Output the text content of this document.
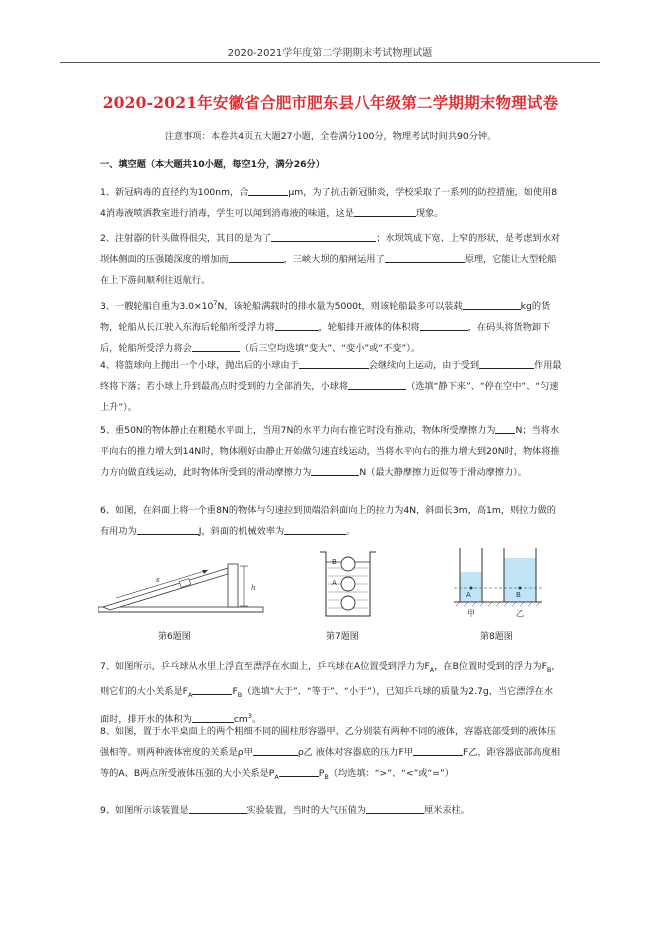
2020-2021学年度第二学期期末考试物理试题
2020-2021年安徽省合肥市肥东县八年级第二学期期末物理试卷
注意事项：本卷共4页五大题27小题，全卷满分100分，物理考试时间共90分钟。
一、填空题（本大题共10小题，每空1分，满分26分）

1、新冠病毒的直径约为100nm，合	μm，为了抗击新冠肺炎，学校采取了一系列的防控措施，如使用84消毒液喷洒教室进行消毒，学生可以闻到消毒液的味道，这是	现象。

2、注射器的针头做得很尖，其目的是为了	；水坝筑成下宽、上窄的形状，是考虑到水对坝体侧面的压强随深度的增加而	，三峡大坝的船闸运用了	原理，它能让大型轮船在上下游间顺利往返航行。

3、一艘轮船自重为$3.0\times 10^7N$，该轮船满载时的排水量为5000t，则该轮船最多可以装载	kg的货物，轮船从长江驶入东海后轮船所受浮力将	，轮船排开液体的体积将	，在码头将货物卸下后，轮船所受浮力将会	（后三空均选填“变大”、“变小”或“不变”）。

4、将篮球向上抛出一个小球，抛出后的小球由于	会继续向上运动，由于受到	作用最终将下落；若小球上升到最高点时受到的力全部消失，小球将	（选填“静下来”、“停在空中”、“匀速上升”）。

5、重50N的物体静止在粗糙水平面上，当用7N的水平力向右推它时没有推动，物体所受摩擦力为 N；当将水平向右的推力增大到14N时，物体刚好由静止开始做匀速直线运动，当将水平向右的推力增大到20N时，物体将推力方向做直线运动，此时物体所受到的滑动摩擦力为	N（最大静摩擦力近似等于滑动摩擦力）。

6、如图，在斜面上将一个重8N的物体与匀速拉到顶端沿斜面向上的拉力为4N，斜面长3m，高1m，则拉力做的有用功为	J，斜面的机械效率为	。

s
h
第6题图
B
A
第7题图
A	B
甲	乙
第8题图

7、如图所示，乒乓球从水里上浮直至漂浮在水面上，乒乓球在A位置受到浮力为$F_A$，在B位置时受到的浮力为$F_B$，则它们的大小关系是$F_A$	$F_B$（选填“大于”、“等于”、“小于”），已知乒乓球的质量为2.7g，当它漂浮在水面时，排开水的体积为	$cm^3$。

8、如图，置于水平桌面上的两个粗细不同的圆柱形容器甲、乙分别装有两种不同的液体，容器底部受到的液体压强相等。则两种液体密度的关系是ρ甲	ρ乙 液体对容器底的压力F甲	F乙，距容器底部高度相等的A、B两点所受液体压强的大小关系是$P_A$	$P_B$（均选填：“>”、“<”或“=”）

9、如图所示该装置是	实验装置，当时的大气压值为	厘米汞柱。
